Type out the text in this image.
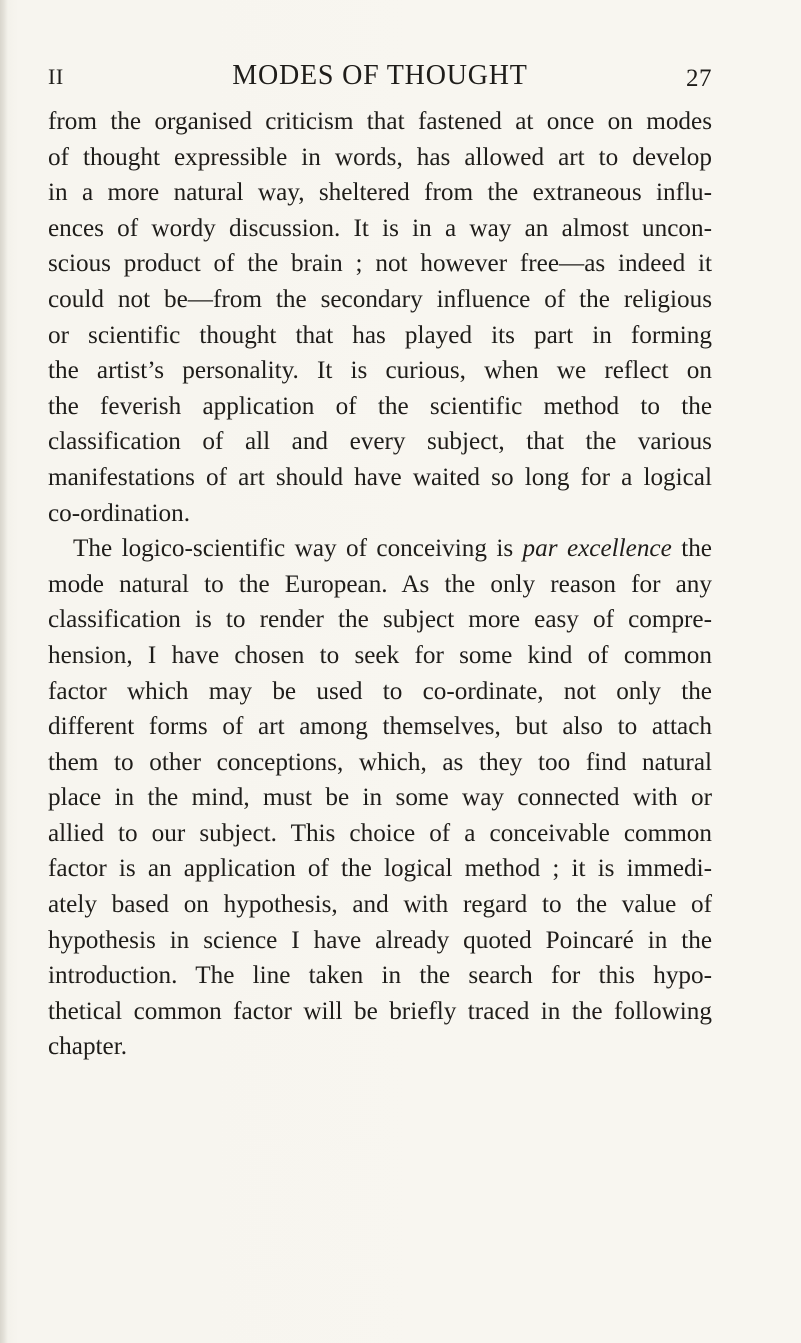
II	MODES OF THOUGHT	27
from the organised criticism that fastened at once on modes
of thought expressible in words, has allowed art to develop
in a more natural way, sheltered from the extraneous influ-
ences of wordy discussion. It is in a way an almost uncon-
scious product of the brain ; not however free—as indeed it
could not be—from the secondary influence of the religious
or scientific thought that has played its part in forming
the artist’s personality. It is curious, when we reflect on
the feverish application of the scientific method to the
classification of all and every subject, that the various
manifestations of art should have waited so long for a logical
co-ordination.
The logico-scientific way of conceiving is par excellence the
mode natural to the European. As the only reason for any
classification is to render the subject more easy of compre-
hension, I have chosen to seek for some kind of common
factor which may be used to co-ordinate, not only the
different forms of art among themselves, but also to attach
them to other conceptions, which, as they too find natural
place in the mind, must be in some way connected with or
allied to our subject. This choice of a conceivable common
factor is an application of the logical method ; it is immedi-
ately based on hypothesis, and with regard to the value of
hypothesis in science I have already quoted Poincaré in the
introduction. The line taken in the search for this hypo-
thetical common factor will be briefly traced in the following
chapter.
